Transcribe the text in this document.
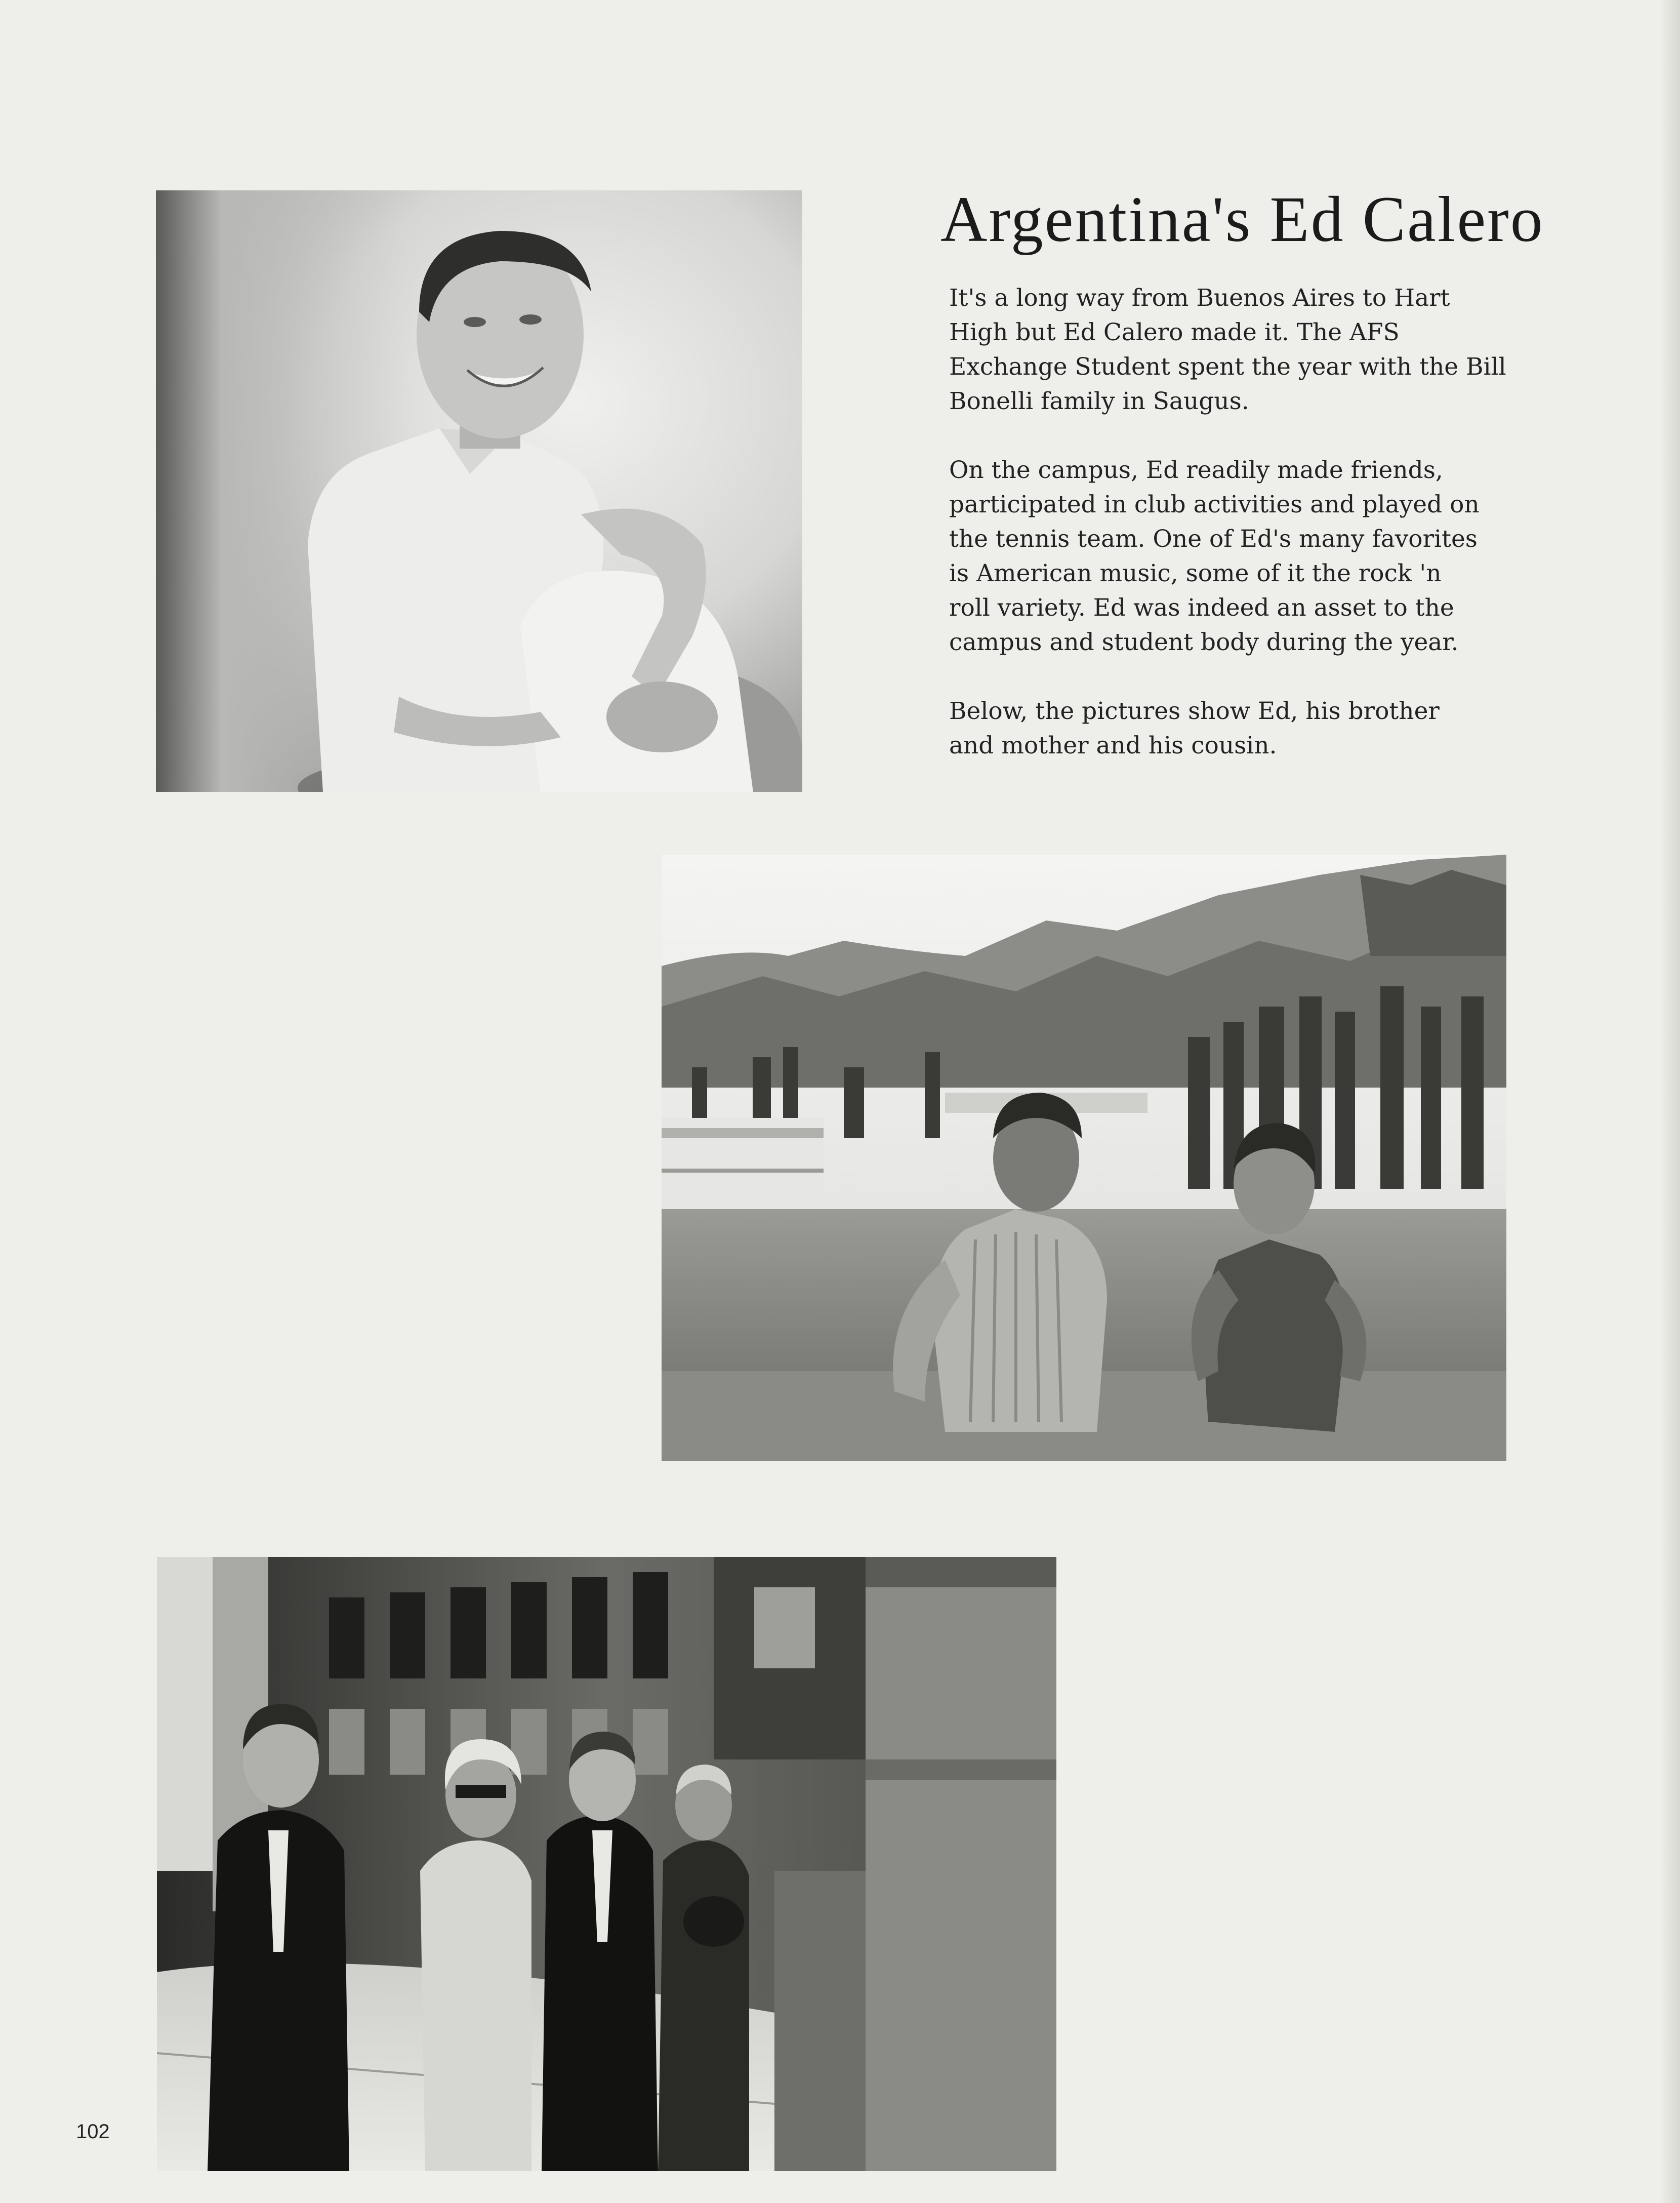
Argentina's Ed Calero

It's a long way from Buenos Aires to Hart
High but Ed Calero made it. The AFS
Exchange Student spent the year with the Bill
Bonelli family in Saugus.

On the campus, Ed readily made friends,
participated in club activities and played on
the tennis team. One of Ed's many favorites
is American music, some of it the rock 'n
roll variety. Ed was indeed an asset to the
campus and student body during the year.

Below, the pictures show Ed, his brother
and mother and his cousin.

102
